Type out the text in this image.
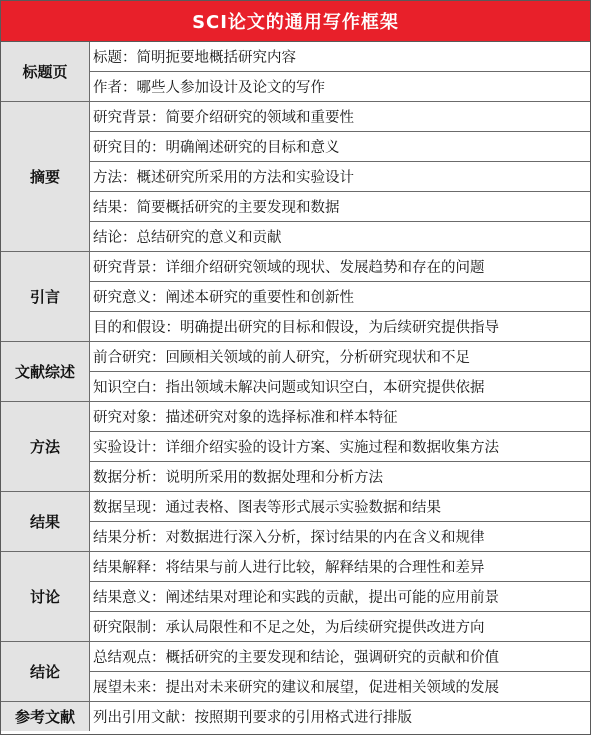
SCI论文的通用写作框架
标题页	标题：简明扼要地概括研究内容
	作者：哪些人参加设计及论文的写作
摘要	研究背景：简要介绍研究的领域和重要性
	研究目的：明确阐述研究的目标和意义
	方法：概述研究所采用的方法和实验设计
	结果：简要概括研究的主要发现和数据
	结论：总结研究的意义和贡献
引言	研究背景：详细介绍研究领域的现状、发展趋势和存在的问题
	研究意义：阐述本研究的重要性和创新性
	目的和假设：明确提出研究的目标和假设，为后续研究提供指导
文献综述	前合研究：回顾相关领域的前人研究，分析研究现状和不足
	知识空白：指出领域未解决问题或知识空白，本研究提供依据
方法	研究对象：描述研究对象的选择标准和样本特征
	实验设计：详细介绍实验的设计方案、实施过程和数据收集方法
	数据分析：说明所采用的数据处理和分析方法
结果	数据呈现：通过表格、图表等形式展示实验数据和结果
	结果分析：对数据进行深入分析，探讨结果的内在含义和规律
讨论	结果解释：将结果与前人进行比较，解释结果的合理性和差异
	结果意义：阐述结果对理论和实践的贡献，提出可能的应用前景
	研究限制：承认局限性和不足之处，为后续研究提供改进方向
结论	总结观点：概括研究的主要发现和结论，强调研究的贡献和价值
	展望未来：提出对未来研究的建议和展望，促进相关领域的发展
参考文献	列出引用文献：按照期刊要求的引用格式进行排版
